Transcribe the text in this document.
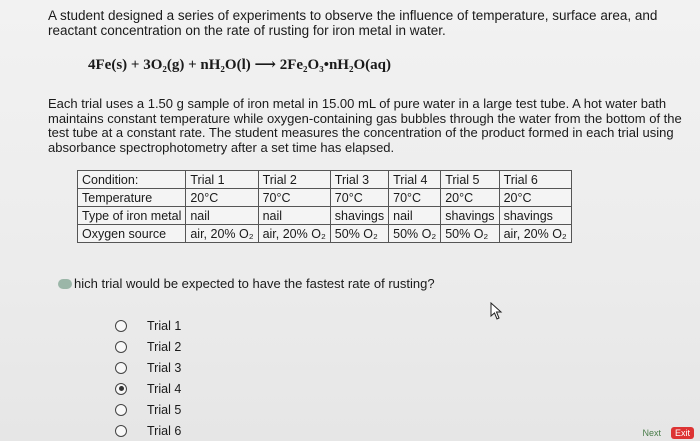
A student designed a series of experiments to observe the influence of temperature, surface area, and reactant concentration on the rate of rusting for iron metal in water.
4Fe(s) + 3O₂(g) + nH₂O(l) ⟶ 2Fe₂O₃•nH₂O(aq)
Each trial uses a 1.50 g sample of iron metal in 15.00 mL of pure water in a large test tube. A hot water bath maintains constant temperature while oxygen-containing gas bubbles through the water from the bottom of the test tube at a constant rate. The student measures the concentration of the product formed in each trial using absorbance spectrophotometry after a set time has elapsed.
Condition:	Trial 1	Trial 2	Trial 3	Trial 4	Trial 5	Trial 6
Temperature	20°C	70°C	70°C	70°C	20°C	20°C
Type of iron metal	nail	nail	shavings	nail	shavings	shavings
Oxygen source	air, 20% O₂	air, 20% O₂	50% O₂	50% O₂	50% O₂	air, 20% O₂
hich trial would be expected to have the fastest rate of rusting?
Trial 1
Trial 2
Trial 3
Trial 4
Trial 5
Trial 6	Next	Exit
